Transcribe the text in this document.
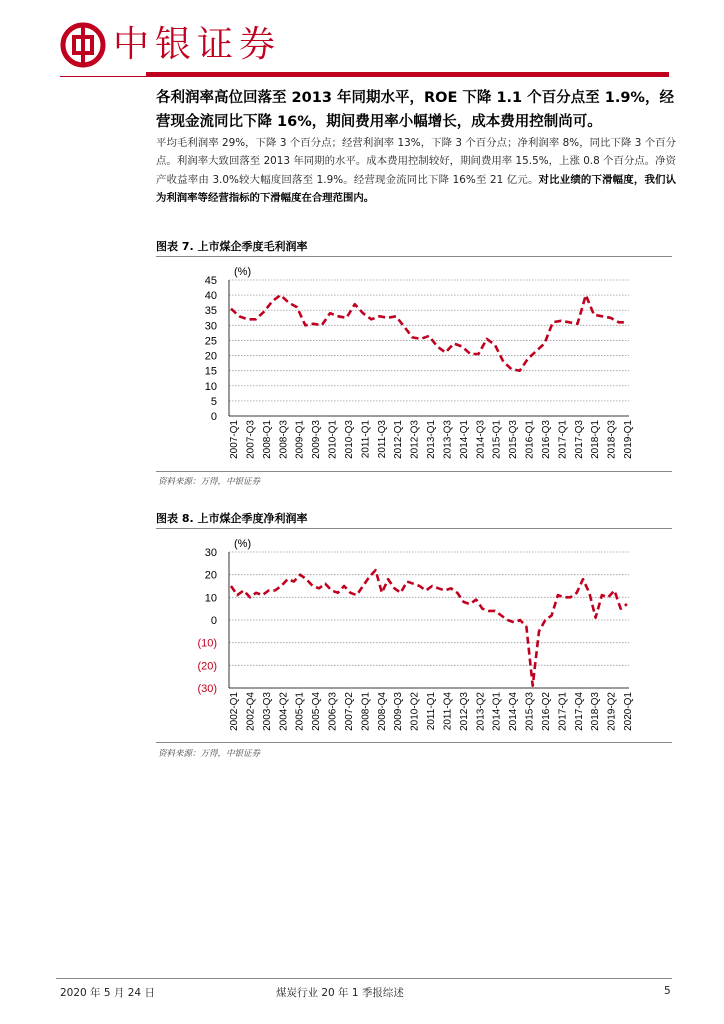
中银证券
各利润率高位回落至 2013 年同期水平，ROE 下降 1.1 个百分点至 1.9%，经营现金流同比下降 16%，期间费用率小幅增长，成本费用控制尚可。
平均毛利润率 29%，下降 3 个百分点；经营利润率 13%，下降 3 个百分点；净利润率 8%，同比下降 3 个百分点。利润率大致回落至 2013 年同期的水平。成本费用控制较好，期间费用率 15.5%，上涨 0.8 个百分点。净资产收益率由 3.0%较大幅度回落至 1.9%。经营现金流同比下降 16%至 21 亿元。对比业绩的下滑幅度，我们认为利润率等经营指标的下滑幅度在合理范围内。
图表 7. 上市煤企季度毛利润率
0
5
10
15
20
25
30
35
40
45
(%)
2007-Q1 2007-Q3 2008-Q1 2008-Q3 2009-Q1 2009-Q3 2010-Q1 2010-Q3 2011-Q1 2011-Q3 2012-Q1 2012-Q3 2013-Q1 2013-Q3 2014-Q1 2014-Q3 2015-Q1 2015-Q3 2016-Q1 2016-Q3 2017-Q1 2017-Q3 2018-Q1 2018-Q3 2019-Q1
资料来源：万得，中银证券
图表 8. 上市煤企季度净利润率
(30)
(20)
(10)
0
10
20
30
(%)
2002-Q1 2002-Q4 2003-Q3 2004-Q2 2005-Q1 2005-Q4 2006-Q3 2007-Q2 2008-Q1 2008-Q4 2009-Q3 2010-Q2 2011-Q1 2011-Q4 2012-Q3 2013-Q2 2014-Q1 2014-Q4 2015-Q3 2016-Q2 2017-Q1 2017-Q4 2018-Q3 2019-Q2 2020-Q1
资料来源：万得，中银证券
2020 年 5 月 24 日	煤炭行业 20 年 1 季报综述	5
